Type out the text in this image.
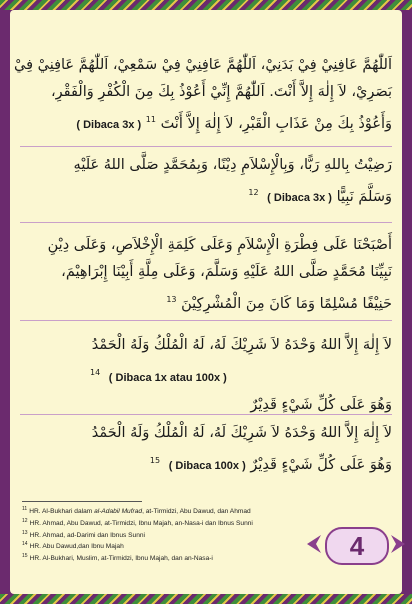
اَللّٰهُمَّ عَافِنِيْ فِيْ بَدَنِيْ، اَللّٰهُمَّ عَافِنِيْ فِيْ سَمْعِيْ، اَللّٰهُمَّ عَافِنِيْ فِيْ
بَصَرِيْ، لاَ إِلٰهَ إِلاَّ أَنْتَ. اَللّٰهُمَّ إِنِّيْ أَعُوْذُ بِكَ مِنَ الْكُفْرِ وَالْفَقْرِ،
وَأَعُوْذُ بِكَ مِنْ عَذَابِ الْقَبْرِ، لاَ إِلٰهَ إِلاَّ أَنْتَ 11 ( Dibaca 3x )
رَضِيْتُ بِاللهِ رَبًّا، وَبِالْإِسْلاَمِ دِيْنًا، وَبِمُحَمَّدٍ صَلَّى اللهُ عَلَيْهِ
وَسَلَّمَ نَبِيًّا ( Dibaca 3x ) 12
أَصْبَحْنَا عَلَى فِطْرَةِ الْإِسْلاَمِ وَعَلَى كَلِمَةِ الْإِخْلاَصِ، وَعَلَى دِيْنِ
نَبِيِّنَا مُحَمَّدٍ صَلَّى اللهُ عَلَيْهِ وَسَلَّمَ، وَعَلَى مِلَّةِ أَبِيْنَا إِبْرَاهِيْمَ،
حَنِيْفًا مُسْلِمًا وَمَا كَانَ مِنَ الْمُشْرِكِيْنَ 13
لاَ إِلٰهَ إِلاَّ اللهُ وَحْدَهُ لاَ شَرِيْكَ لَهُ، لَهُ الْمُلْكُ وَلَهُ الْحَمْدُ
14 ( Dibaca 1x atau 100x )
وَهُوَ عَلَى كُلِّ شَيْءٍ قَدِيْرٌ
لاَ إِلٰهَ إِلاَّ اللهُ وَحْدَهُ لاَ شَرِيْكَ لَهُ، لَهُ الْمُلْكُ وَلَهُ الْحَمْدُ
وَهُوَ عَلَى كُلِّ شَيْءٍ قَدِيْرٌ ( Dibaca 100x ) 15
$^{11}$ HR. Al-Bukhari dalam al-Adabil Mufrad, at-Tirmidzi, Abu Dawud, dan Ahmad
$^{12}$ HR. Ahmad, Abu Dawud, at-Tirmidzi, Ibnu Majah, an-Nasa-i dan Ibnus Sunni
$^{13}$ HR. Ahmad, ad-Darimi dan Ibnus Sunni
$^{14}$ HR. Abu Dawud,dan Ibnu Majah
$^{15}$ HR. Al-Bukhari, Muslim, at-Tirmidzi, Ibnu Majah, dan an-Nasa-i	4
